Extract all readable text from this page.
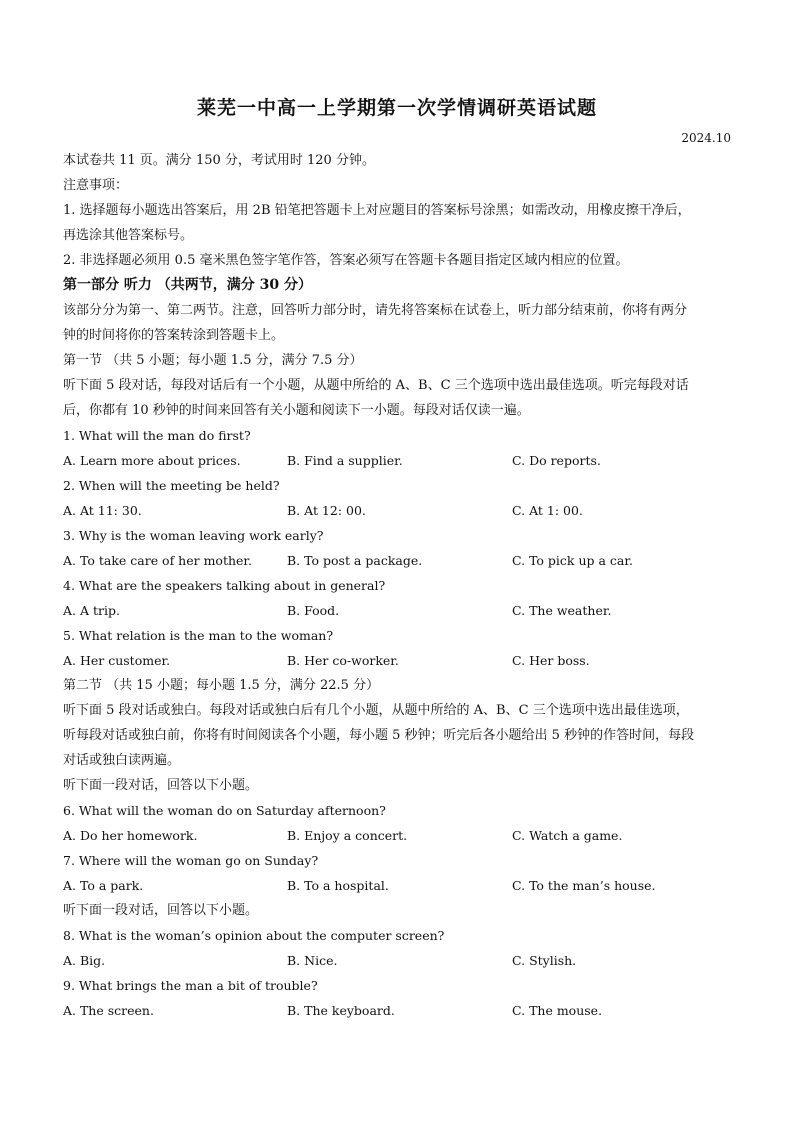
莱芜一中高一上学期第一次学情调研英语试题
2024.10
本试卷共 11 页。满分 150 分，考试用时 120 分钟。
注意事项：
1. 选择题每小题选出答案后，用 2B 铅笔把答题卡上对应题目的答案标号涂黑；如需改动，用橡皮擦干净后，
再选涂其他答案标号。
2. 非选择题必须用 0.5 毫米黑色签字笔作答，答案必须写在答题卡各题目指定区域内相应的位置。
第一部分 听力 （共两节，满分 30 分）
该部分分为第一、第二两节。注意，回答听力部分时，请先将答案标在试卷上，听力部分结束前，你将有两分
钟的时间将你的答案转涂到答题卡上。
第一节 （共 5 小题；每小题 1.5 分，满分 7.5 分）
听下面 5 段对话，每段对话后有一个小题，从题中所给的 A、B、C 三个选项中选出最佳选项。听完每段对话
后，你都有 10 秒钟的时间来回答有关小题和阅读下一小题。每段对话仅读一遍。
1. What will the man do first?
A. Learn more about prices.	B. Find a supplier.	C. Do reports.
2. When will the meeting be held?
A. At 11: 30.	B. At 12: 00.	C. At 1: 00.
3. Why is the woman leaving work early?
A. To take care of her mother.	B. To post a package.	C. To pick up a car.
4. What are the speakers talking about in general?
A. A trip.	B. Food.	C. The weather.
5. What relation is the man to the woman?
A. Her customer.	B. Her co-worker.	C. Her boss.
第二节 （共 15 小题；每小题 1.5 分，满分 22.5 分）
听下面 5 段对话或独白。每段对话或独白后有几个小题，从题中所给的 A、B、C 三个选项中选出最佳选项，
听每段对话或独白前，你将有时间阅读各个小题，每小题 5 秒钟；听完后各小题给出 5 秒钟的作答时间，每段
对话或独白读两遍。
听下面一段对话，回答以下小题。
6. What will the woman do on Saturday afternoon?
A. Do her homework.	B. Enjoy a concert.	C. Watch a game.
7. Where will the woman go on Sunday?
A. To a park.	B. To a hospital.	C. To the man’s house.
听下面一段对话，回答以下小题。
8. What is the woman’s opinion about the computer screen?
A. Big.	B. Nice.	C. Stylish.
9. What brings the man a bit of trouble?
A. The screen.	B. The keyboard.	C. The mouse.
